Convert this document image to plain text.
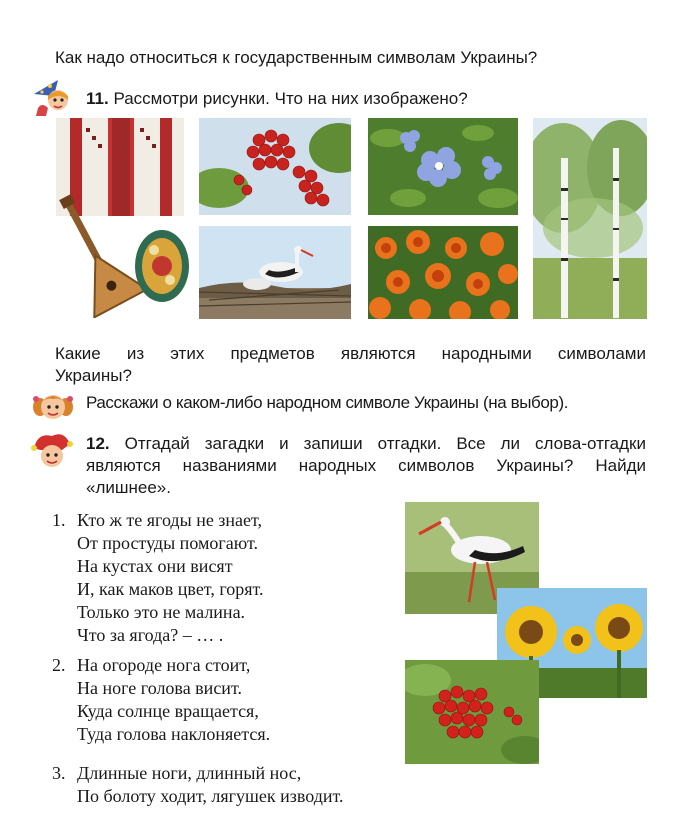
Как надо относиться к государственным символам Украины?
11. Рассмотри рисунки. Что на них изображено?
Какие из этих предметов являются народными символами
Украины?
Расскажи о каком-либо народном символе Украины (на выбор).
12. Отгадай загадки и запиши отгадки. Все ли слова-отгадки
являются названиями народных символов Украины? Найди
«лишнее».
1. Кто ж те ягоды не знает,
От простуды помогают.
На кустах они висят
И, как маков цвет, горят.
Только это не малина.
Что за ягода? – … .
2. На огороде нога стоит,
На ноге голова висит.
Куда солнце вращается,
Туда голова наклоняется.
3. Длинные ноги, длинный нос,
По болоту ходит, лягушек изводит.
